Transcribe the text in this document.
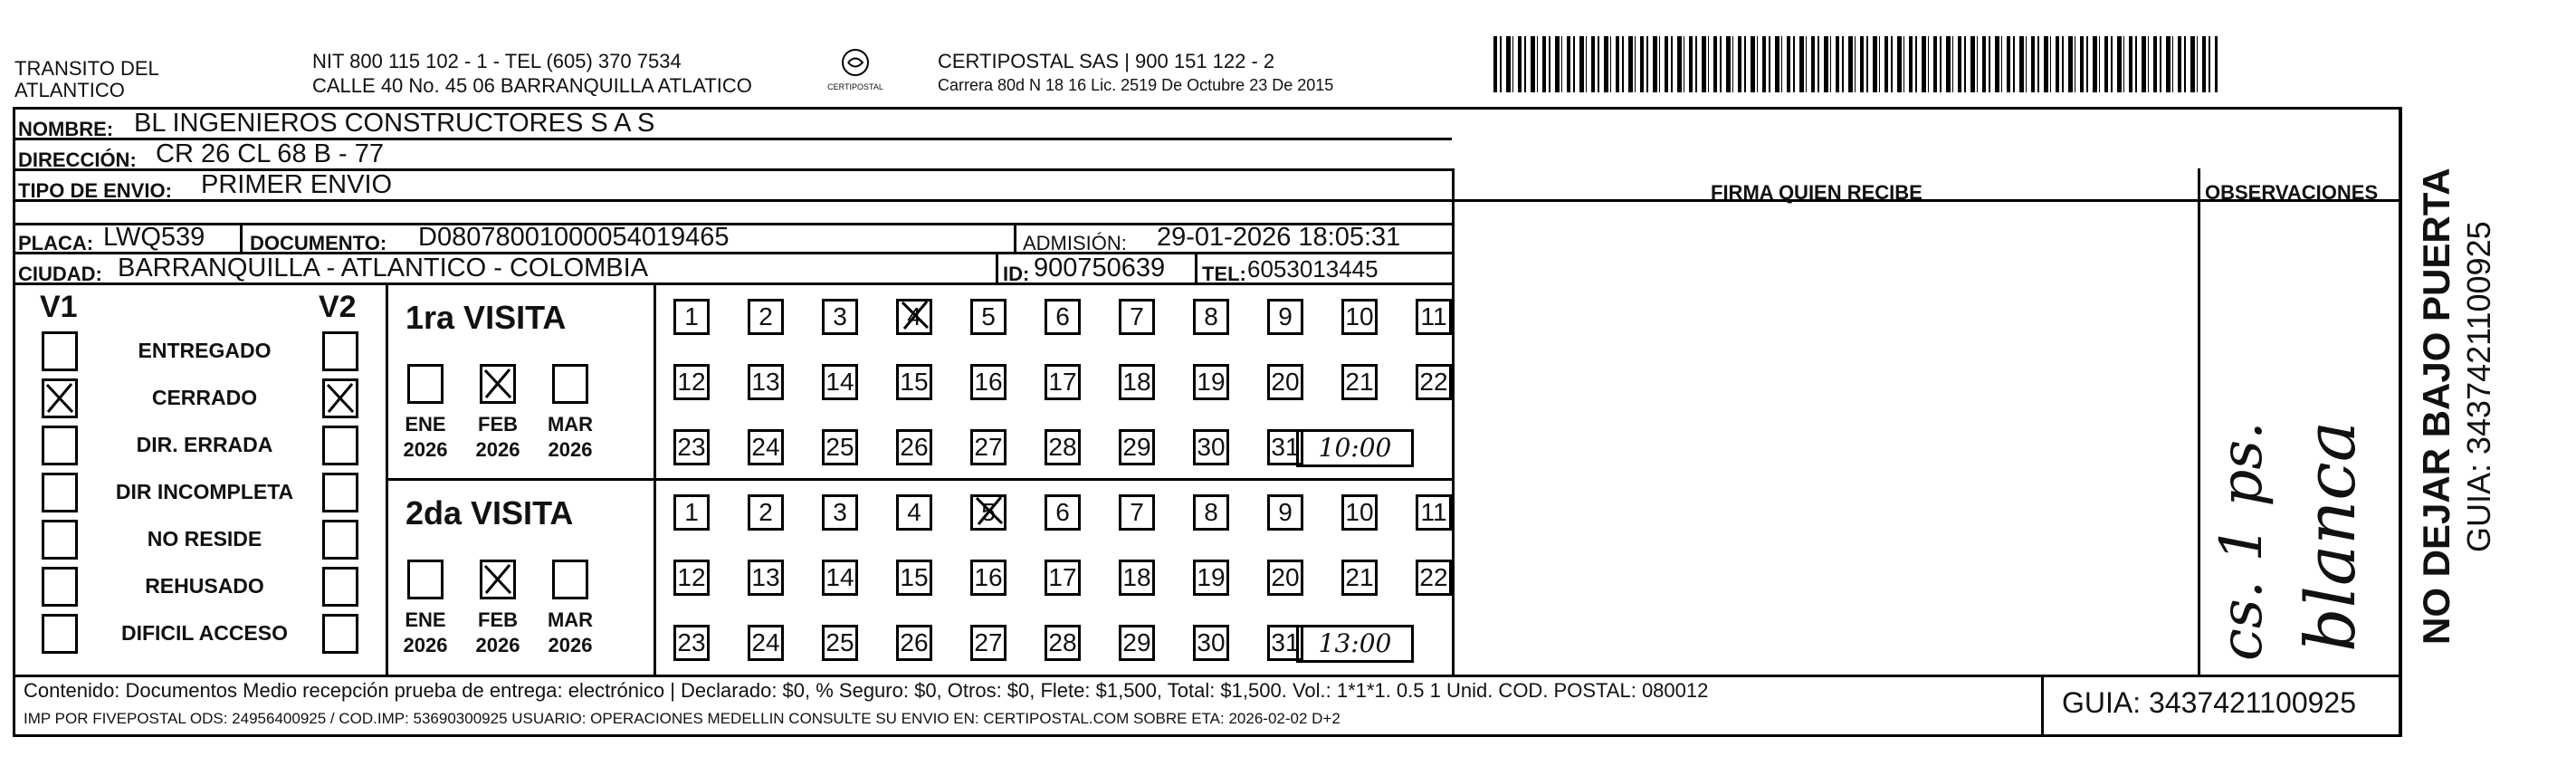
TRANSITO DEL ATLANTICO
NIT 800 115 102 - 1 - TEL (605) 370 7534
CALLE 40 No. 45 06 BARRANQUILLA ATLATICO	CERTIPOSTAL
CERTIPOSTAL SAS | 900 151 122 - 2
Carrera 80d N 18 16 Lic. 2519 De Octubre 23 De 2015
NOMBRE: BL INGENIEROS CONSTRUCTORES S A S
DIRECCIÓN: CR 26 CL 68 B - 77
TIPO DE ENVIO: PRIMER ENVIO
PLACA: LWQ539 DOCUMENTO: D08078001000054019465	ADMISIÓN: 29-01-2026 18:05:31
CIUDAD: BARRANQUILLA - ATLANTICO - COLOMBIA	ID: 900750639 TEL: 6053013445
FIRMA QUIEN RECIBE	OBSERVACIONES
cs. 1 ps. blanca
V1	V2
ENTREGADO
CERRADO
DIR. ERRADA
DIR INCOMPLETA
NO RESIDE
REHUSADO
DIFICIL ACCESO
1ra VISITA
ENE
2026
FEB
2026
MAR
2026
1	2	3	4	5	6	7	8	9	10 11
12 13 14 15 16 17 18 19 20 21 22
23 24 25 26 27 28 29 30 31 10:00
2da VISITA
ENE
2026
FEB
2026
MAR
2026
1	2	3	4	5	6	7	8	9	10 11
12 13 14 15 16 17 18 19 20 21 22
23 24 25 26 27 28 29 30 31 13:00
Contenido: Documentos Medio recepción prueba de entrega: electrónico | Declarado: $0, % Seguro: $0, Otros: $0, Flete: $1,500, Total: $1,500. Vol.: 1*1*1. 0.5 1 Unid. COD. POSTAL: 080012
IMP POR FIVEPOSTAL ODS: 24956400925 / COD.IMP: 53690300925 USUARIO: OPERACIONES MEDELLIN CONSULTE SU ENVIO EN: CERTIPOSTAL.COM SOBRE ETA: 2026-02-02 D+2	GUIA: 3437421100925
NO DEJAR BAJO PUERTA GUIA: 3437421100925
